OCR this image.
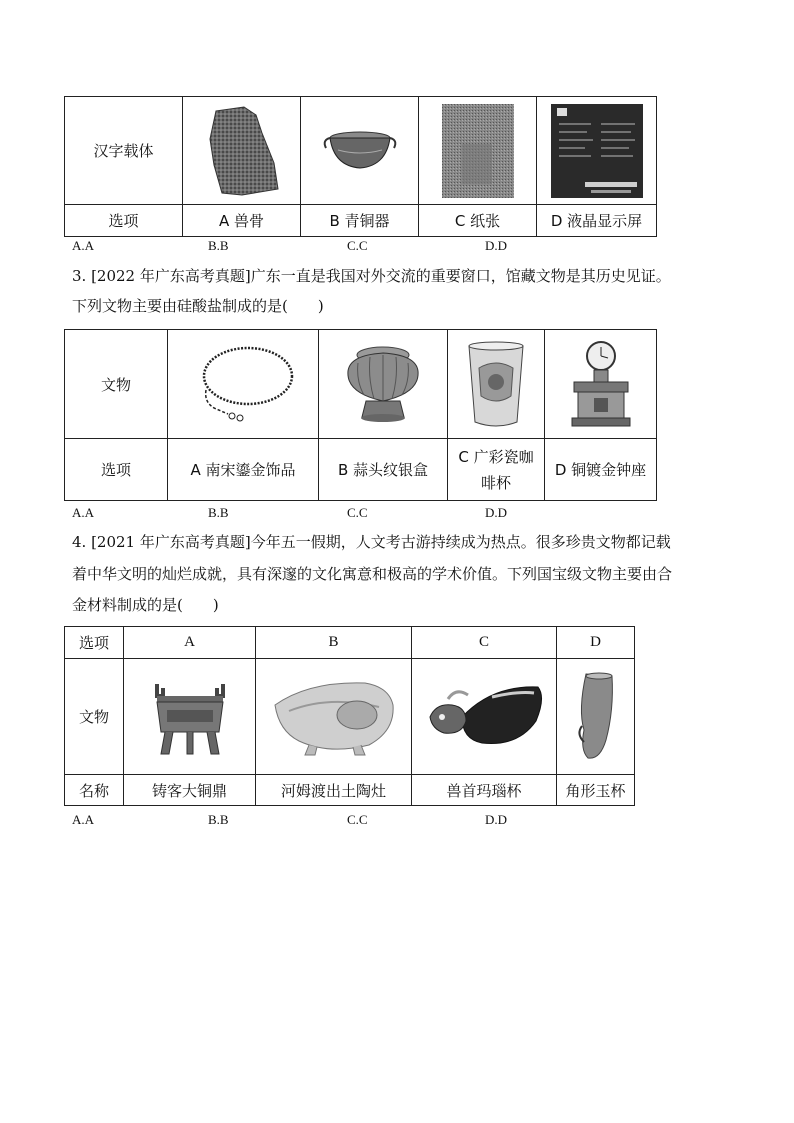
汉字载体	

选项	A 兽骨	B 青铜器	C 纸张	D 液晶显示屏
A.A	B.B	C.C	D.D
3. [2022 年广东高考真题]广东一直是我国对外交流的重要窗口，馆藏文物是其历史见证。
下列文物主要由硅酸盐制成的是(　　)
文物	

选项	A 南宋鎏金饰品	B 蒜头纹银盒	C 广彩瓷咖
啡杯	D 铜镀金钟座
A.A	B.B	C.C	D.D
4. [2021 年广东高考真题]今年五一假期，人文考古游持续成为热点。很多珍贵文物都记载
着中华文明的灿烂成就，具有深邃的文化寓意和极高的学术价值。下列国宝级文物主要由合
金材料制成的是(　　)
选项	A	B	C	D
文物	

名称	铸客大铜鼎	河姆渡出土陶灶	兽首玛瑙杯	角形玉杯
A.A	B.B	C.C	D.D
